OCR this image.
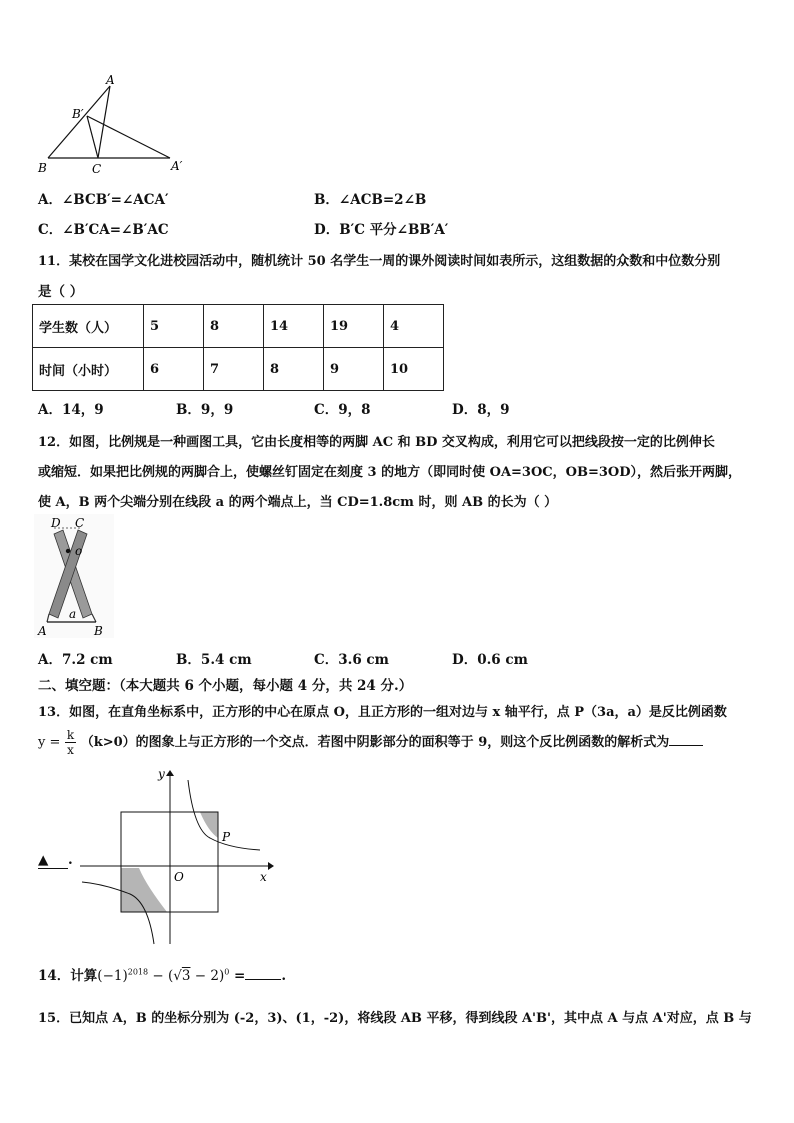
A
B′
B	C	A′
A．∠BCB′=∠ACA′	B．∠ACB=2∠B
C．∠B′CA=∠B′AC	D．B′C 平分∠BB′A′
11．某校在国学文化进校园活动中，随机统计 50 名学生一周的课外阅读时间如表所示，这组数据的众数和中位数分别
是（ ）
学生数（人）	5	8	14	19	4
时间（小时）	6	7	8	9	10
A．14，9	B．9，9	C．9，8	D．8，9
12．如图，比例规是一种画图工具，它由长度相等的两脚 AC 和 BD 交叉构成，利用它可以把线段按一定的比例伸长
或缩短．如果把比例规的两脚合上，使螺丝钉固定在刻度 3 的地方（即同时使 OA=3OC，OB=3OD），然后张开两脚，
使 A，B 两个尖端分别在线段 a 的两个端点上，当 CD=1.8cm 时，则 AB 的长为（ ）
D C
o
a
A	B
A．7.2 cm	B．5.4 cm	C．3.6 cm	D．0.6 cm
二、填空题：（本大题共 6 个小题，每小题 4 分，共 24 分.）
13．如图，在直角坐标系中，正方形的中心在原点 O，且正方形的一组对边与 x 轴平行，点 P（3a，a）是反比例函数
$y = \frac{k}{x} (k>0)$的图象上与正方形的一个交点．若图中阴影部分的面积等于 9，则这个反比例函数的解析式为
y
x
O
P
▲ .
14．计算$(-1)^{2018} - (√3 - 2)^0$ =	.
15．已知点 A，B 的坐标分别为 (-2，3)、(1，-2)，将线段 AB 平移，得到线段 A'B'，其中点 A 与点 A'对应，点 B 与
